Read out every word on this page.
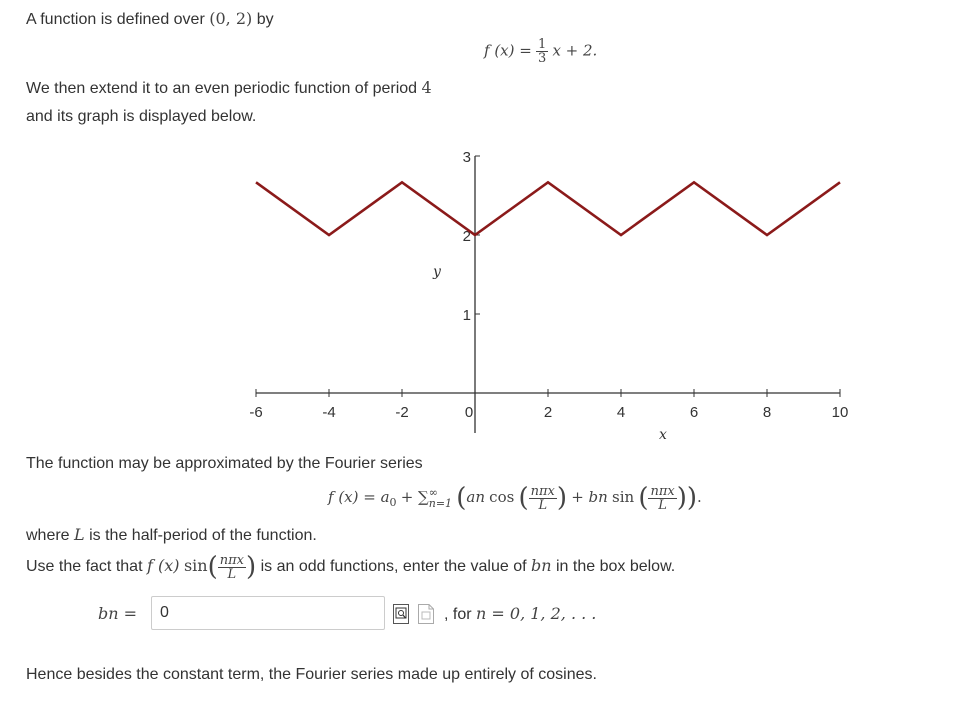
A function is defined over (0, 2) by
f $(x) = \frac{1}{3}$ x + 2.
We then extend it to an even periodic function of period 4
and its graph is displayed below.
-6	-4	-2	0	2	4	6	8	10
1
2
3
x
y
The function may be approximated by the Fourier series
f $(x) = a_0$ + ∑ ∞
n=1 (an cos ( $\frac{\text{nπx}}{L}$ ) + bn sin ( $\frac{\text{nπx}}{L}$ )).
where L is the half-period of the function.
Use the fact that f (x) $\sin( \frac{\text{nπx}}{L}$ ) is an odd functions, enter the value of bn in the box below.
bn =	0	, for n = 0, 1, 2, . . .
Hence besides the constant term, the Fourier series made up entirely of cosines.
